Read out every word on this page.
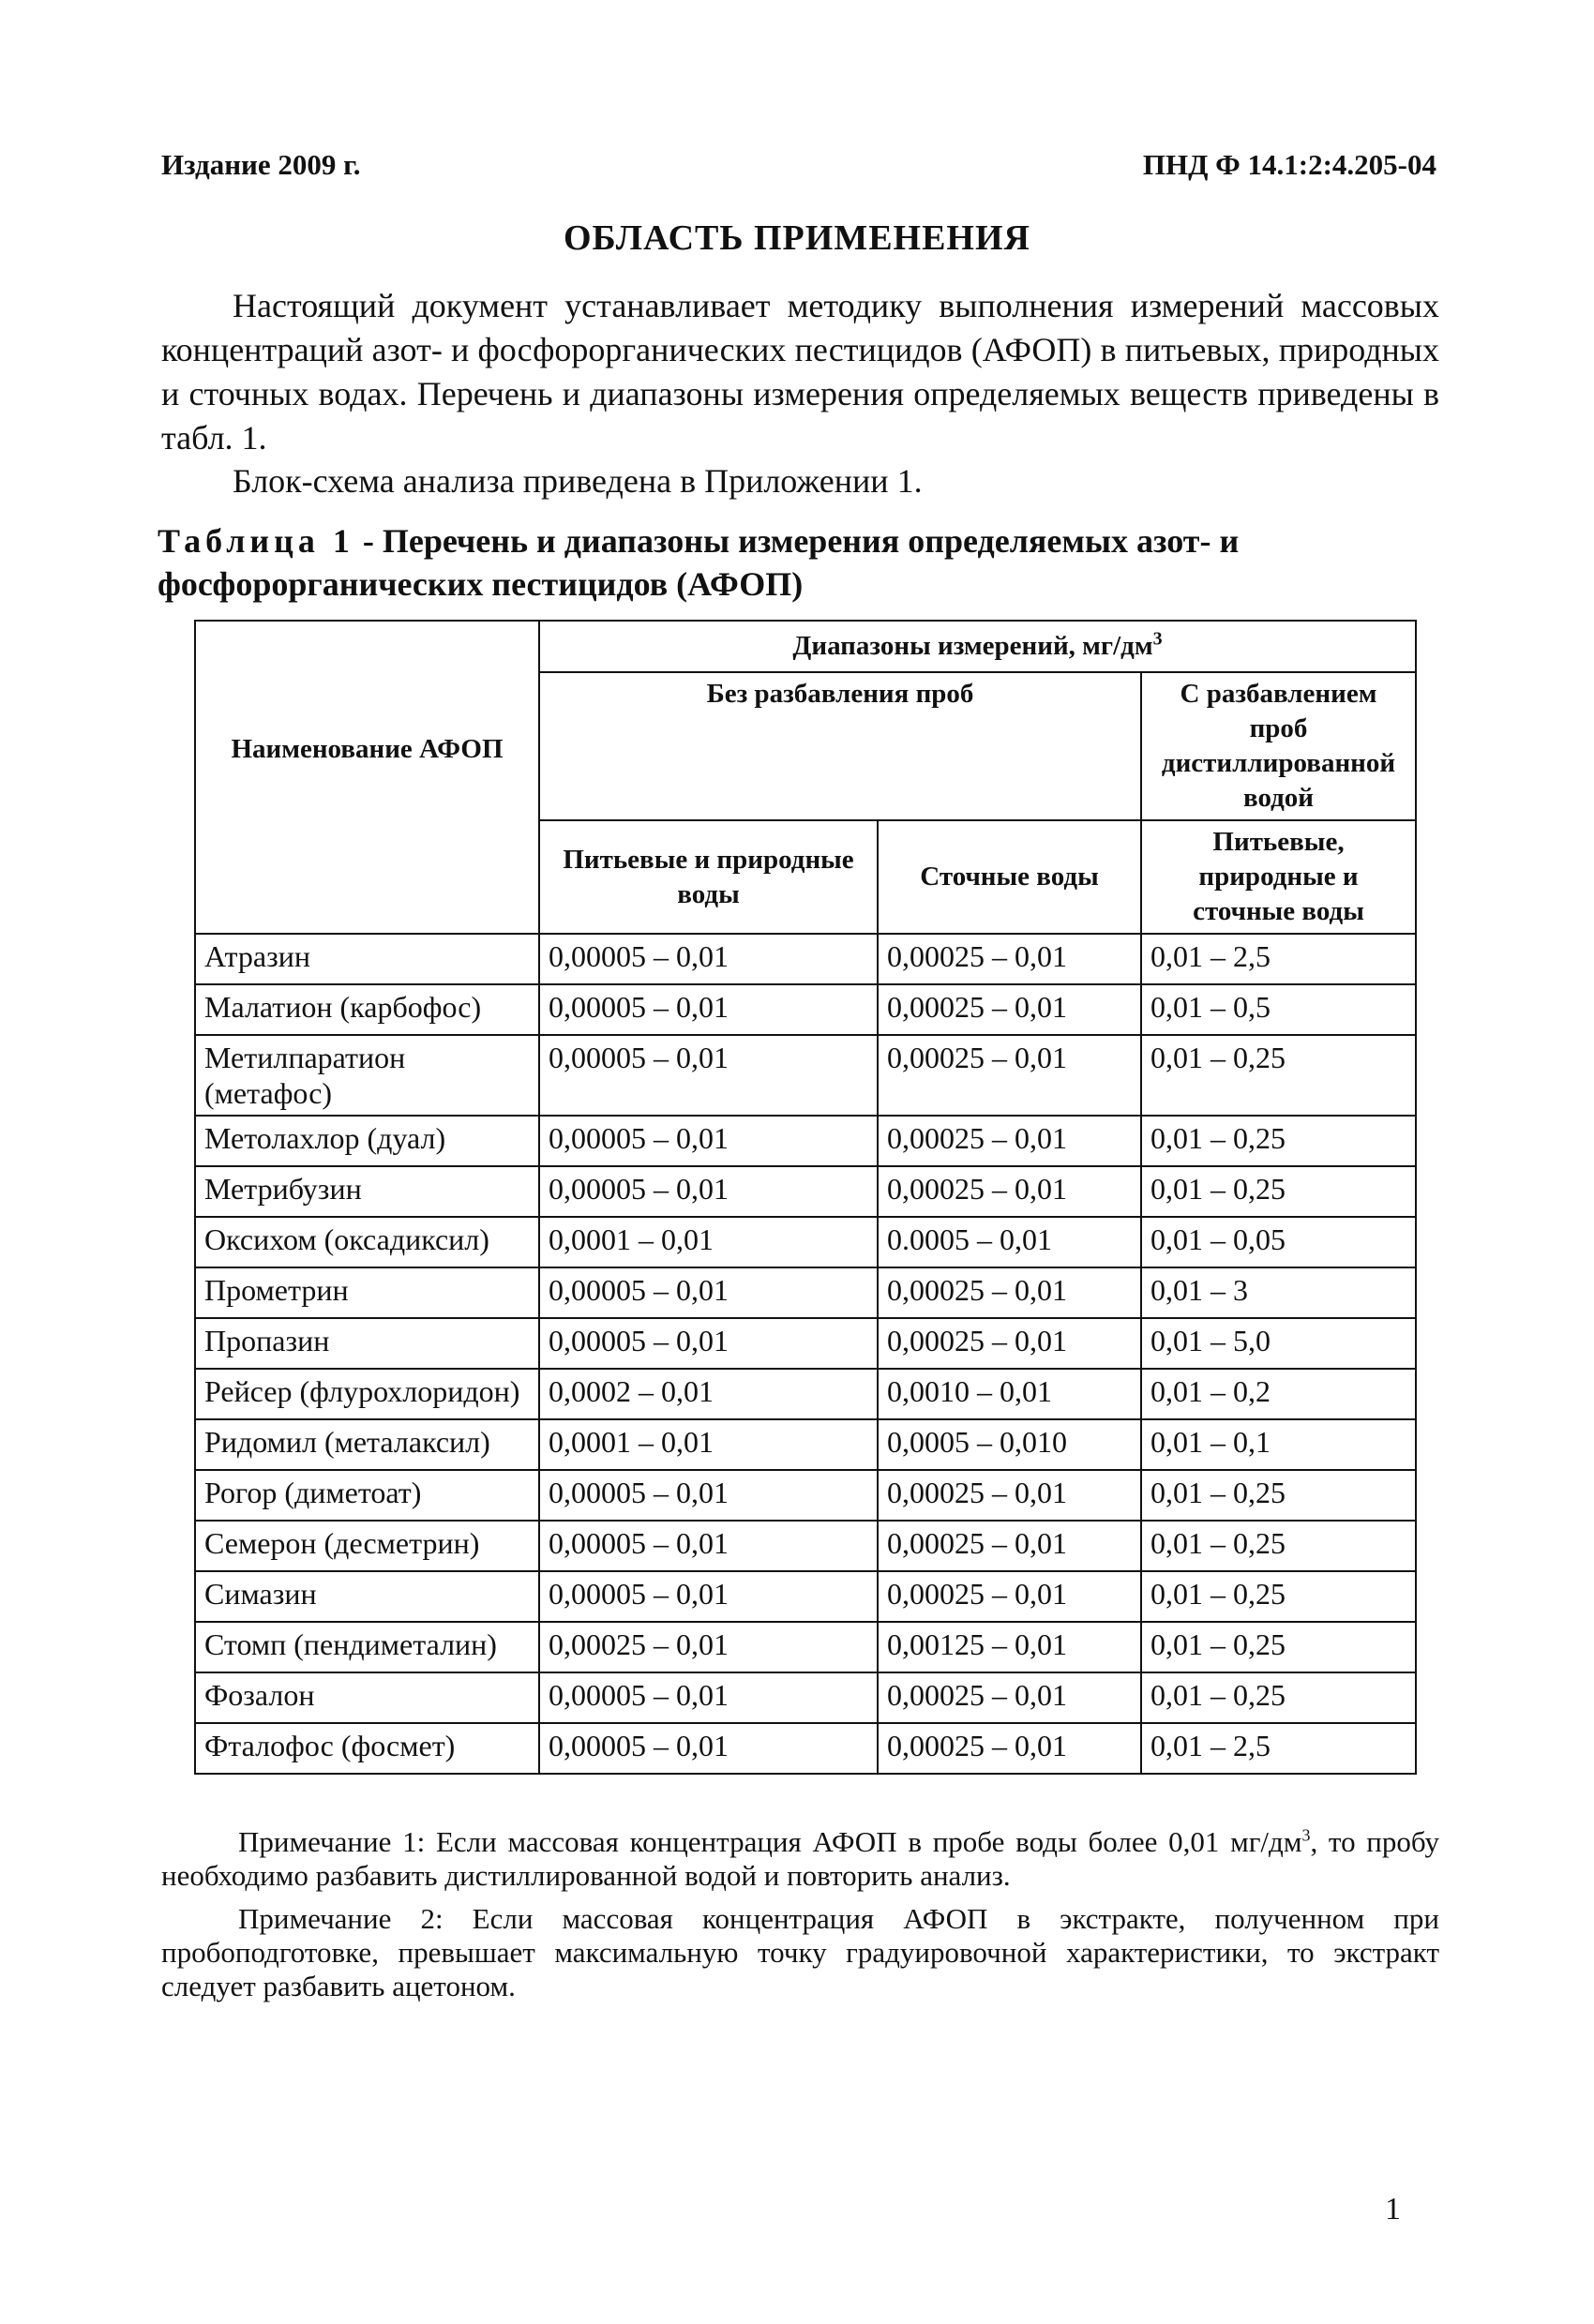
Издание 2009 г.	ПНД Ф 14.1:2:4.205-04
ОБЛАСТЬ ПРИМЕНЕНИЯ

Настоящий документ устанавливает методику выполнения измерений массовых концентраций азот- и фосфорорганических пестицидов (АФОП) в питьевых, природных и сточных водах. Перечень и диапазоны измерения определяемых веществ приведены в табл. 1.

Блок-схема анализа приведена в Приложении 1.

Таблица 1 - Перечень и диапазоны измерения определяемых азот- и фосфорорганических пестицидов (АФОП)
Наименование АФОП	Диапазоны измерений, $мг/дм^3$
	Без разбавления проб		С разбавлением проб дистиллированной водой
	Питьевые и природные воды	Сточные воды	Питьевые, природные и сточные воды
Атразин	0,00005 – 0,01	0,00025 – 0,01	0,01 – 2,5
Малатион (карбофос)	0,00005 – 0,01	0,00025 – 0,01	0,01 – 0,5
Метилпаратион (метафос)	0,00005 – 0,01	0,00025 – 0,01	0,01 – 0,25
Метолахлор (дуал)	0,00005 – 0,01	0,00025 – 0,01	0,01 – 0,25
Метрибузин	0,00005 – 0,01	0,00025 – 0,01	0,01 – 0,25
Оксихом (оксадиксил)	0,0001 – 0,01	0.0005 – 0,01	0,01 – 0,05
Прометрин	0,00005 – 0,01	0,00025 – 0,01	0,01 – 3
Пропазин	0,00005 – 0,01	0,00025 – 0,01	0,01 – 5,0
Рейсер (флурохлоридон)	0,0002 – 0,01	0,0010 – 0,01	0,01 – 0,2
Ридомил (металаксил)	0,0001 – 0,01	0,0005 – 0,010	0,01 – 0,1
Рогор (диметоат)	0,00005 – 0,01	0,00025 – 0,01	0,01 – 0,25
Семерон (десметрин)	0,00005 – 0,01	0,00025 – 0,01	0,01 – 0,25
Симазин	0,00005 – 0,01	0,00025 – 0,01	0,01 – 0,25
Стомп (пендиметалин)	0,00025 – 0,01	0,00125 – 0,01	0,01 – 0,25
Фозалон	0,00005 – 0,01	0,00025 – 0,01	0,01 – 0,25
Фталофос (фосмет)	0,00005 – 0,01	0,00025 – 0,01	0,01 – 2,5

Примечание 1: Если массовая концентрация АФОП в пробе воды более 0,01 $мг/дм^3$, то пробу необходимо разбавить дистиллированной водой и повторить анализ.

Примечание 2: Если массовая концентрация АФОП в экстракте, полученном при пробоподготовке, превышает максимальную точку градуировочной характеристики, то экстракт следует разбавить ацетоном.

1
